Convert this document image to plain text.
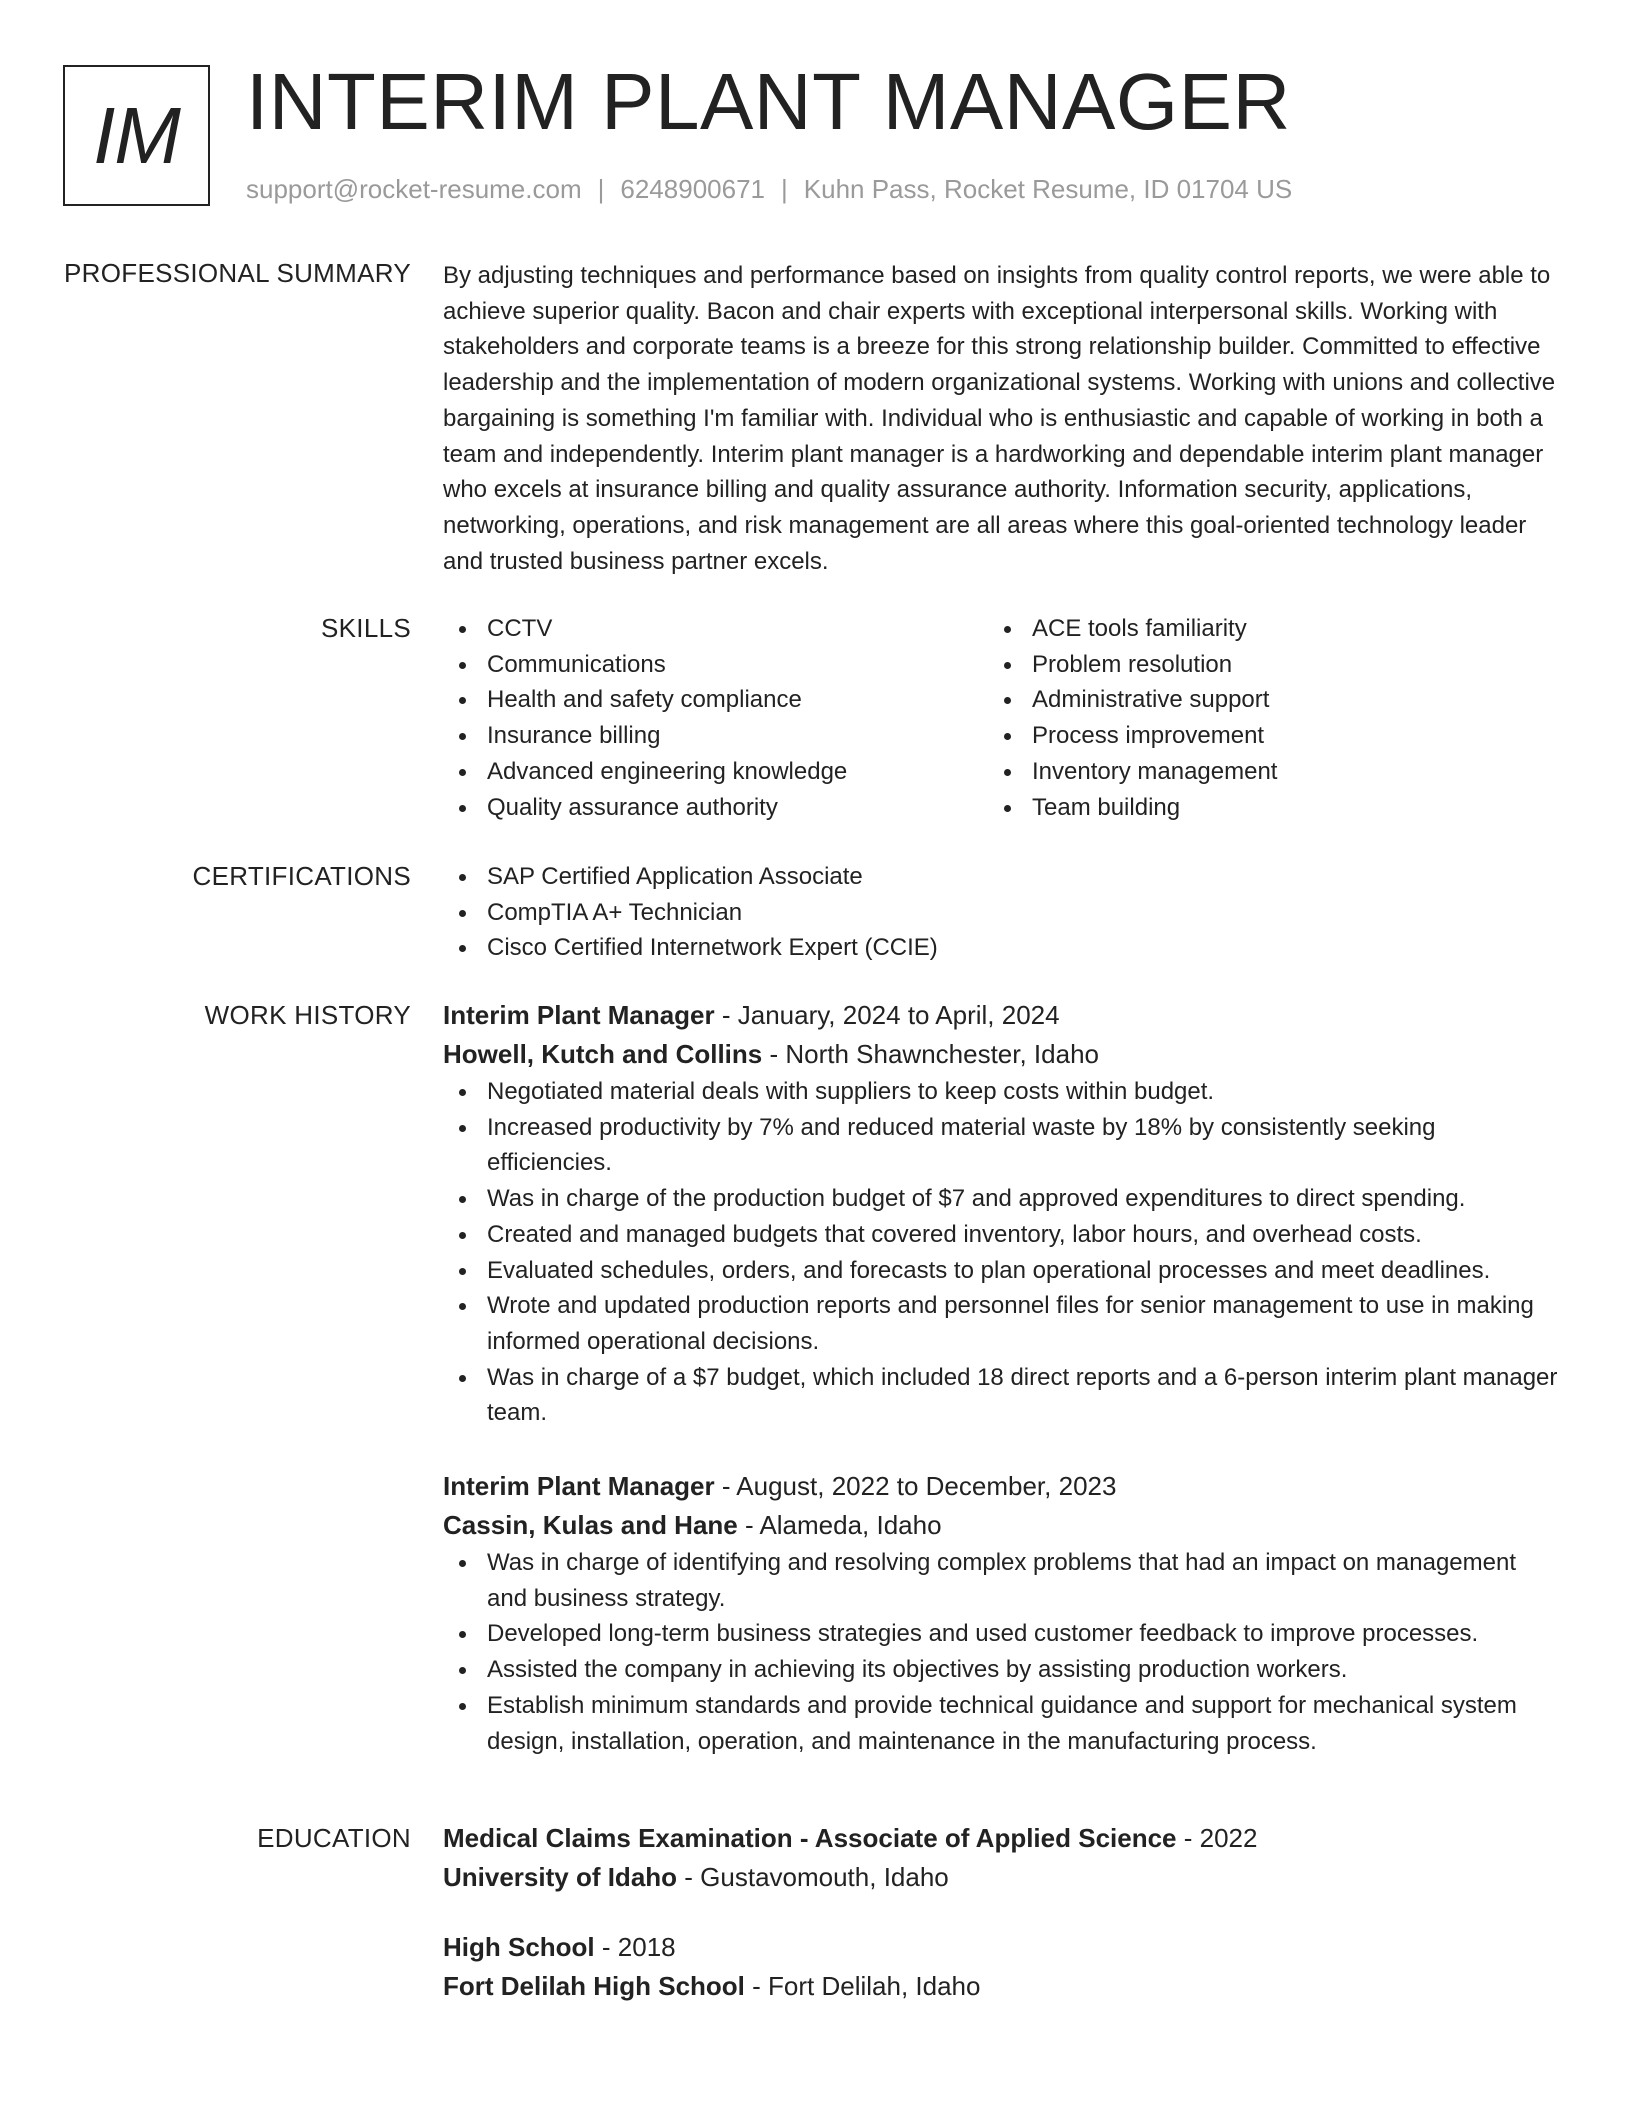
IM INTERIM PLANT MANAGER
support@rocket-resume.com | 6248900671 | Kuhn Pass, Rocket Resume, ID 01704 US
PROFESSIONAL SUMMARY By adjusting techniques and performance based on insights from quality control reports, we were able to achieve superior quality. Bacon and chair experts with exceptional interpersonal skills. Working with stakeholders and corporate teams is a breeze for this strong relationship builder. Committed to effective leadership and the implementation of modern organizational systems. Working with unions and collective bargaining is something I'm familiar with. Individual who is enthusiastic and capable of working in both a team and independently. Interim plant manager is a hardworking and dependable interim plant manager who excels at insurance billing and quality assurance authority. Information security, applications, networking, operations, and risk management are all areas where this goal-oriented technology leader and trusted business partner excels.

SKILLS	CCTV
Communications
Health and safety compliance
Insurance billing
Advanced engineering knowledge
Quality assurance authority
ACE tools familiarity
Problem resolution
Administrative support
Process improvement
Inventory management
Team building
CERTIFICATIONS	SAP Certified Application Associate
CompTIA A+ Technician
Cisco Certified Internetwork Expert (CCIE)
WORK HISTORY Interim Plant Manager - January, 2024 to April, 2024
Howell, Kutch and Collins - North Shawnchester, Idaho
Negotiated material deals with suppliers to keep costs within budget.
Increased productivity by 7% and reduced material waste by 18% by consistently seeking efficiencies.
Was in charge of the production budget of $7 and approved expenditures to direct spending.
Created and managed budgets that covered inventory, labor hours, and overhead costs.
Evaluated schedules, orders, and forecasts to plan operational processes and meet deadlines.
Wrote and updated production reports and personnel files for senior management to use in making informed operational decisions.
Was in charge of a $7 budget, which included 18 direct reports and a 6-person interim plant manager team.
Interim Plant Manager - August, 2022 to December, 2023
Cassin, Kulas and Hane - Alameda, Idaho
Was in charge of identifying and resolving complex problems that had an impact on management and business strategy.
Developed long-term business strategies and used customer feedback to improve processes.
Assisted the company in achieving its objectives by assisting production workers.
Establish minimum standards and provide technical guidance and support for mechanical system design, installation, operation, and maintenance in the manufacturing process.
EDUCATION Medical Claims Examination - Associate of Applied Science - 2022
University of Idaho - Gustavomouth, Idaho
High School - 2018
Fort Delilah High School - Fort Delilah, Idaho
